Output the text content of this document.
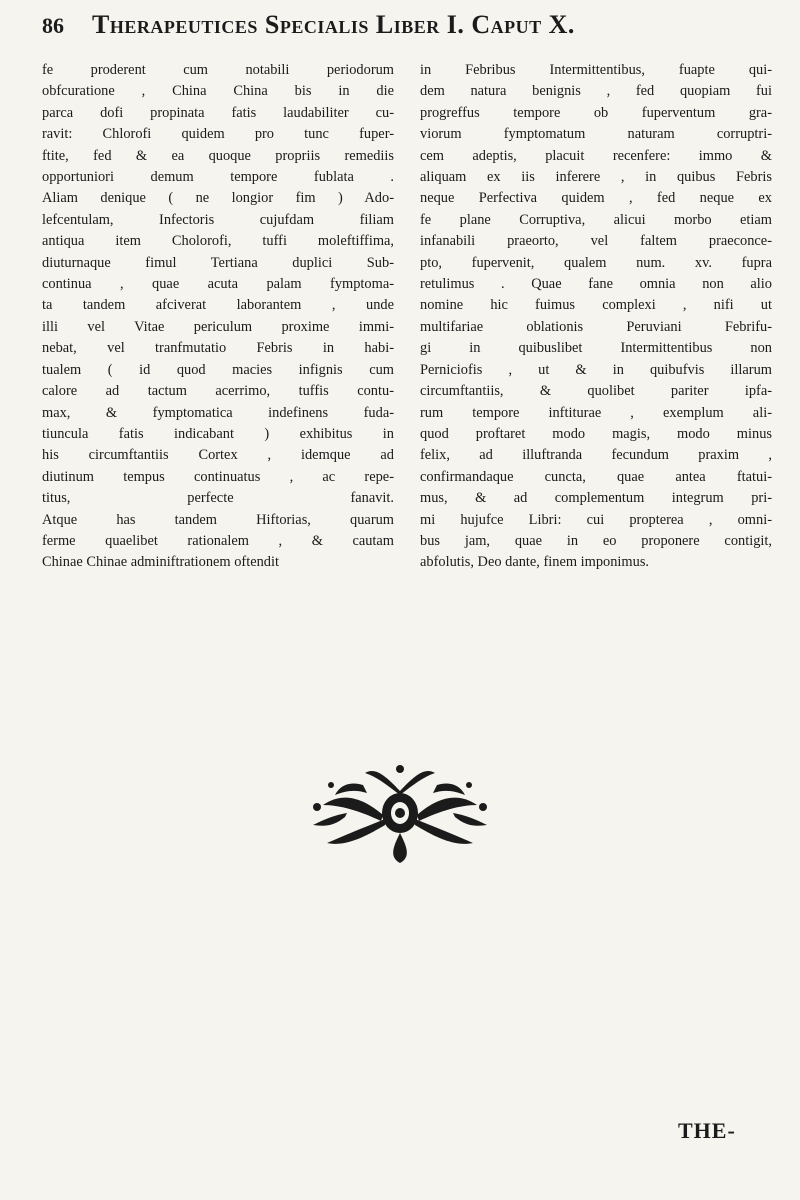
86	Therapeutices Specialis Liber I. Caput X.
fe proderent cum notabili periodorum
obfcuratione , China China bis in die
parca dofi propinata fatis laudabiliter cu-
ravit: Chlorofi quidem pro tunc fuper-
ftite, fed & ea quoque propriis remediis
opportuniori demum tempore fublata .
Aliam denique ( ne longior fim ) Ado-
lefcentulam, Infectoris cujufdam filiam
antiqua item Cholorofi, tuffi moleftiffima,
diuturnaque fimul Tertiana duplici Sub-
continua , quae acuta palam fymptoma-
ta tandem afciverat laborantem , unde
illi vel Vitae periculum proxime immi-
nebat, vel tranfmutatio Febris in habi-
tualem ( id quod macies infignis cum
calore ad tactum acerrimo, tuffis contu-
max, & fymptomatica indefinens fuda-
tiuncula fatis indicabant ) exhibitus in
his circumftantiis Cortex , idemque ad
diutinum tempus continuatus , ac repe-
titus, perfecte fanavit.
Atque has tandem Hiftorias, quarum
ferme quaelibet rationalem , & cautam
Chinae Chinae adminiftrationem oftendit
in Febribus Intermittentibus, fuapte qui-
dem natura benignis , fed quopiam fui
progreffus tempore ob fuperventum gra-
viorum fymptomatum naturam corruptri-
cem adeptis, placuit recenfere: immo &
aliquam ex iis inferere , in quibus Febris
neque Perfectiva quidem , fed neque ex
fe plane Corruptiva, alicui morbo etiam
infanabili praeorto, vel faltem praeconce-
pto, fupervenit, qualem num. xv. fupra
retulimus . Quae fane omnia non alio
nomine hic fuimus complexi , nifi ut
multifariae oblationis Peruviani Febrifu-
gi in quibuslibet Intermittentibus non
Perniciofis , ut & in quibufvis illarum
circumftantiis, & quolibet pariter ipfa-
rum tempore inftiturae , exemplum ali-
quod proftaret modo magis, modo minus
felix, ad illuftranda fecundum praxim ,
confirmandaque cuncta, quae antea ftatui-
mus, & ad complementum integrum pri-
mi hujufce Libri: cui propterea , omni-
bus jam, quae in eo proponere contigit,
abfolutis, Deo dante, finem imponimus.
THE-
